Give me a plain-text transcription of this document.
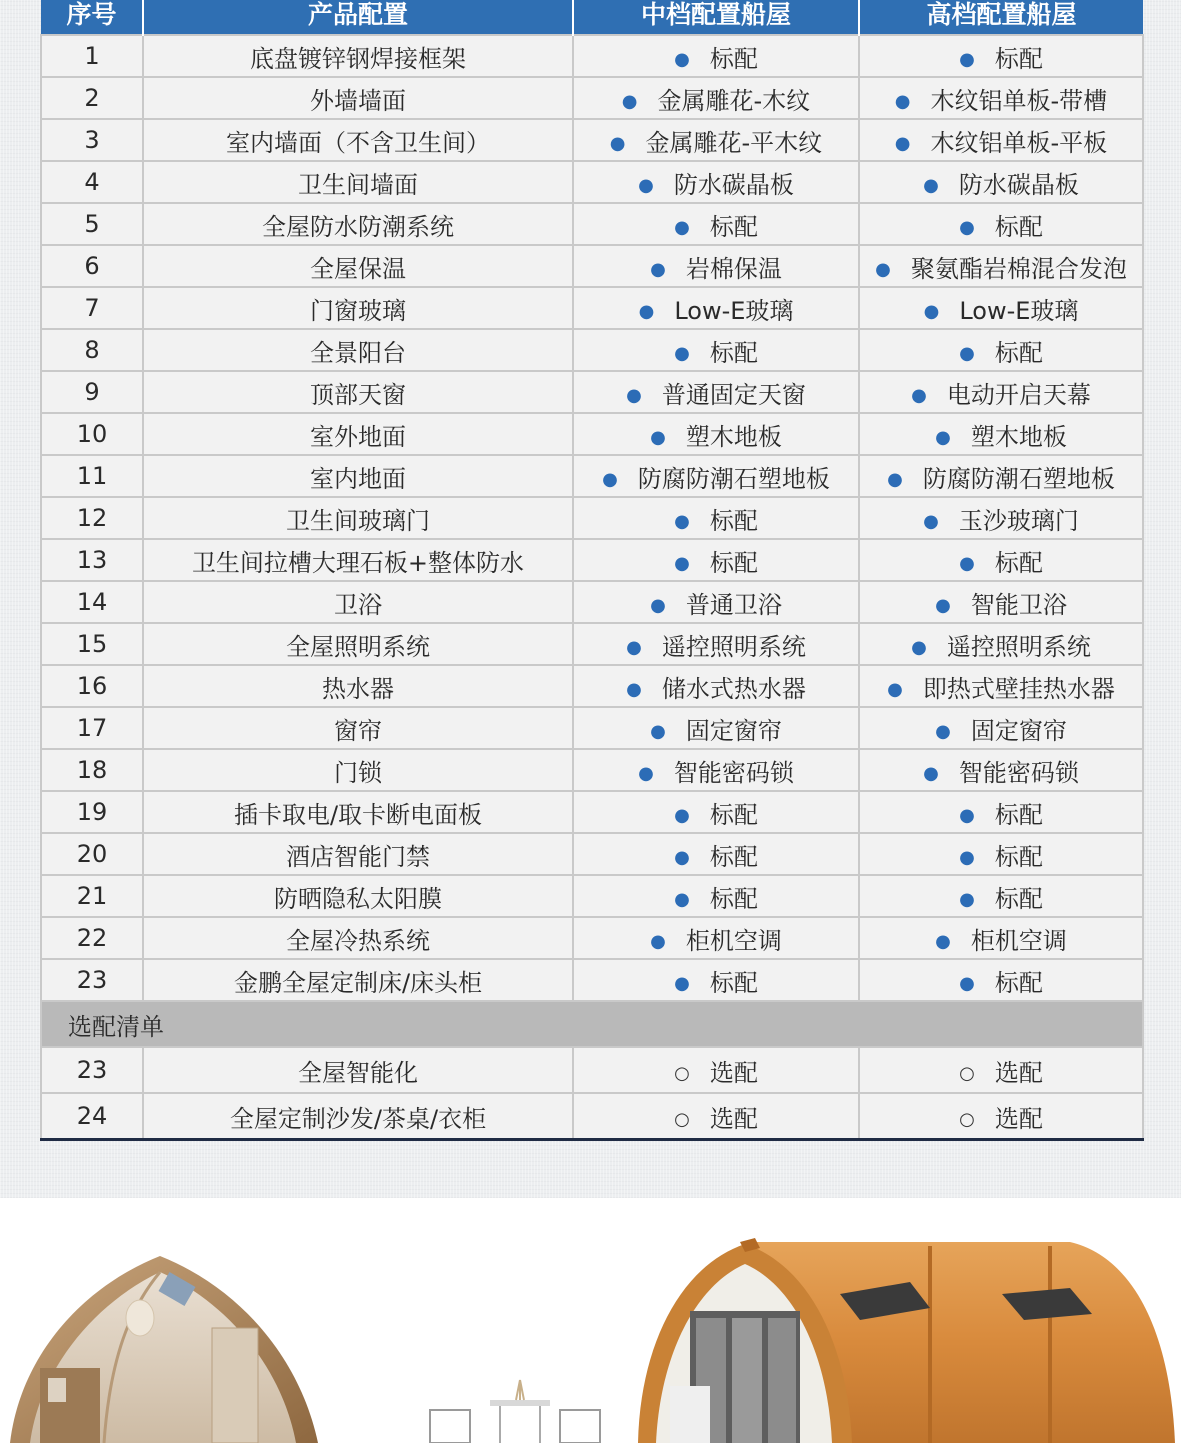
序号	产品配置	中档配置船屋	高档配置船屋
1	底盘镀锌钢焊接框架	● 标配	● 标配
2	外墙墙面	● 金属雕花-木纹	● 木纹铝单板-带槽
3	室内墙面（不含卫生间）	● 金属雕花-平木纹	● 木纹铝单板-平板
4	卫生间墙面	● 防水碳晶板	● 防水碳晶板
5	全屋防水防潮系统	● 标配	● 标配
6	全屋保温	● 岩棉保温	● 聚氨酯岩棉混合发泡
7	门窗玻璃	● Low-E玻璃	● Low-E玻璃
8	全景阳台	● 标配	● 标配
9	顶部天窗	● 普通固定天窗	● 电动开启天幕
10	室外地面	● 塑木地板	● 塑木地板
11	室内地面	● 防腐防潮石塑地板	● 防腐防潮石塑地板
12	卫生间玻璃门	● 标配	● 玉沙玻璃门
13	卫生间拉槽大理石板+整体防水	● 标配	● 标配
14	卫浴	● 普通卫浴	● 智能卫浴
15	全屋照明系统	● 遥控照明系统	● 遥控照明系统
16	热水器	● 储水式热水器	● 即热式壁挂热水器
17	窗帘	● 固定窗帘	● 固定窗帘
18	门锁	● 智能密码锁	● 智能密码锁
19	插卡取电/取卡断电面板	● 标配	● 标配
20	酒店智能门禁	● 标配	● 标配
21	防晒隐私太阳膜	● 标配	● 标配
22	全屋冷热系统	● 柜机空调	● 柜机空调
23	金鹏全屋定制床/床头柜	● 标配	● 标配
选配清单			
23	全屋智能化	○ 选配	○ 选配
24	全屋定制沙发/茶桌/衣柜	○ 选配	○ 选配
